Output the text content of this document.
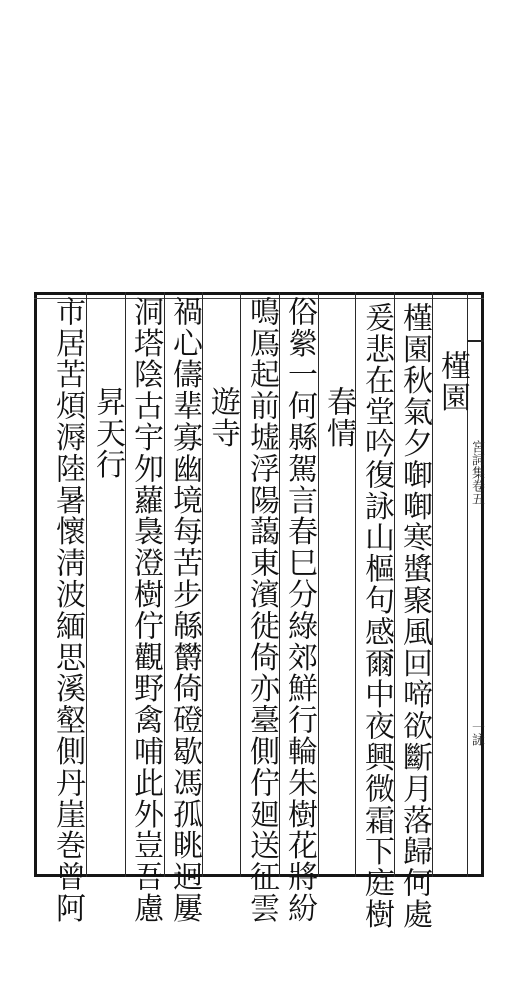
宮詞集卷五
一詠
槿園
槿園秋氣夕啣啣寒螿聚風回啼欲斷月落歸何處
爰悲在堂吟復詠山樞句感爾中夜興微霜下庭樹
春情
俗縈一何縣駕言春巳分綠郊鮮行輪朱樹花將紛
鳴鳫起前墟浮陽藹東濱徙倚亦臺側佇廻送征雲
遊寺
禍心儔辈寡幽境每苦步緜欝倚磴歇馮孤眺迥屢
洞塔陰古宇夘蘿裊澄樹佇觀野禽哺此外豈吾慮
昇天行
市居苦煩溽陸暑懷淸波緬思溪壑側丹崖巻曾阿
